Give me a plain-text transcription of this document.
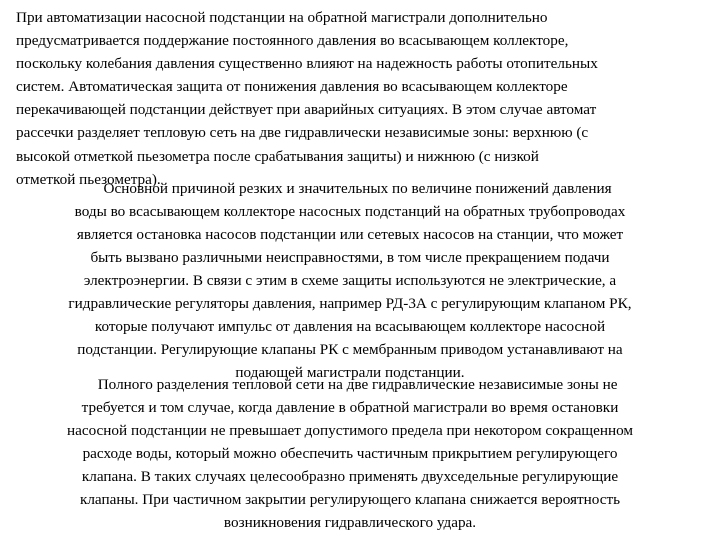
При автоматизации насосной подстанции на обратной магистрали дополнительно
предусматривается поддержание постоянного давления во всасывающем коллекторе,
поскольку колебания давления существенно влияют на надежность работы отопительных
систем. Автоматическая защита от понижения давления во всасывающем коллекторе
перекачивающей подстанции действует при аварийных ситуациях. В этом случае автомат
рассечки разделяет тепловую сеть на две гидравлически независимые зоны: верхнюю (с
высокой отметкой пьезометра после срабатывания защиты) и нижнюю (с низкой
отметкой пьезометра).
Основной причиной резких и значительных по величине понижений давления
воды во всасывающем коллекторе насосных подстанций на обратных трубопроводах
является остановка насосов подстанции или сетевых насосов на станции, что может
быть вызвано различными неисправностями, в том числе прекращением подачи
электроэнергии. В связи с этим в схеме защиты используются не электрические, а
гидравлические регуляторы давления, например РД-3А с регулирующим клапаном РК,
которые получают импульс от давления на всасывающем коллекторе насосной
подстанции. Регулирующие клапаны РК с мембранным приводом устанавливают на
подающей магистрали подстанции.
Полного разделения тепловой сети на две гидравлические независимые зоны не
требуется и том случае, когда давление в обратной магистрали во время остановки
насосной подстанции не превышает допустимого предела при некотором сокращенном
расходе воды, который можно обеспечить частичным прикрытием регулирующего
клапана. В таких случаях целесообразно применять двухседельные регулирующие
клапаны. При частичном закрытии регулирующего клапана снижается вероятность
возникновения гидравлического удара.
